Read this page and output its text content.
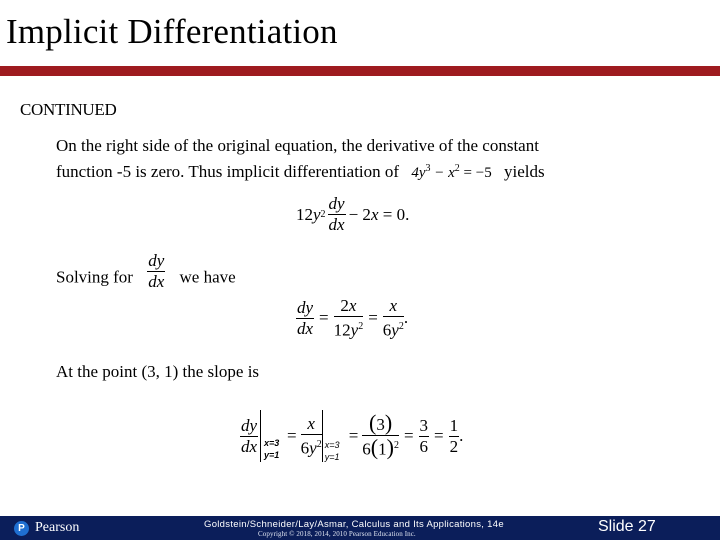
Implicit Differentiation
CONTINUED
On the right side of the original equation, the derivative of the constant
function -5 is zero. Thus implicit differentiation of $4y^3 - x^2 = -5$ yields
12 y $2 \frac{dy}{dx} - 2$ x = 0.
Solving for $\frac{dy}{dx}$ we have
$\frac{dy}{dx} = \frac{2x}{12y^2} = \frac{x}{6y^2}$ .
At the point (3, 1) the slope is
$\frac{dy}{dx} x=3$
y=1
= $\frac{x}{6y^2} x=3$
y=1
= $\frac{(3)}{6(1)^2} = \frac{3}{6} = \frac{1}{2}$ .
P Pearson	Goldstein/Schneider/Lay/Asmar, Calculus and Its Applications, 14e
Copyright © 2018, 2014, 2010 Pearson Education Inc.	Slide 27
